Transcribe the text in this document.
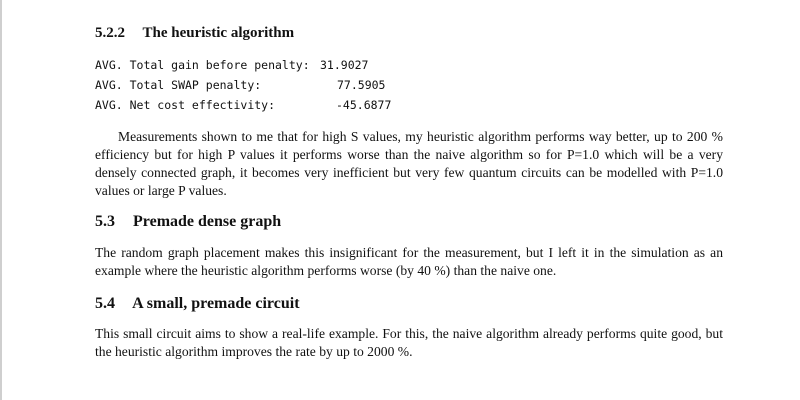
5.2.2 The heuristic algorithm
AVG. Total gain before penalty: 31.9027
AVG. Total SWAP penalty:	77.5905
AVG. Net cost effectivity:	-45.6877

Measurements shown to me that for high S values, my heuristic algorithm performs way better, up to 200 % efficiency but for high P values it performs worse than the naive algorithm so for P=1.0 which will be a very densely connected graph, it becomes very inefficient but very few quantum circuits can be modelled with P=1.0 values or large P values.

5.3 Premade dense graph

The random graph placement makes this insignificant for the measurement, but I left it in the simulation as an example where the heuristic algorithm performs worse (by 40 %) than the naive one.

5.4 A small, premade circuit

This small circuit aims to show a real-life example. For this, the naive algorithm already performs quite good, but the heuristic algorithm improves the rate by up to 2000 %.
